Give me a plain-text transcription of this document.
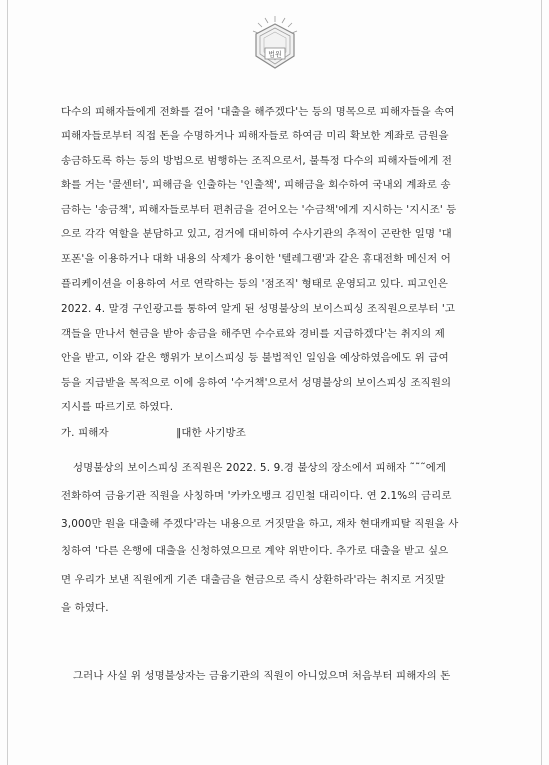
법원
다수의 피해자들에게 전화를 걸어 '대출을 해주겠다'는 등의 명목으로 피해자들을 속여
피해자들로부터 직접 돈을 수명하거나 피해자들로 하여금 미리 확보한 계좌로 금원을
송금하도록 하는 등의 방법으로 범행하는 조직으로서, 불특정 다수의 피해자들에게 전
화를 거는 '콜센터', 피해금을 인출하는 '인출책', 피해금을 회수하여 국내외 계좌로 송
금하는 '송금책', 피해자들로부터 편취금을 걷어오는 '수금책'에게 지시하는 '지시조' 등
으로 각각 역할을 분담하고 있고, 검거에 대비하여 수사기관의 추적이 곤란한 일명 '대
포폰'을 이용하거나 대화 내용의 삭제가 용이한 '텔레그램'과 같은 휴대전화 메신저 어
플리케이션을 이용하여 서로 연락하는 등의 '점조직' 형태로 운영되고 있다. 피고인은
2022. 4. 말경 구인광고를 통하여 알게 된 성명불상의 보이스피싱 조직원으로부터 '고
객들을 만나서 현금을 받아 송금을 해주면 수수료와 경비를 지급하겠다'는 취지의 제
안을 받고, 이와 같은 행위가 보이스피싱 등 불법적인 일임을 예상하였음에도 위 급여
등을 지급받을 목적으로 이에 응하여 '수거책'으로서 성명불상의 보이스피싱 조직원의
지시를 따르기로 하였다.
가. 피해자	∥대한 사기방조
성명불상의 보이스피싱 조직원은 2022. 5. 9.경 불상의 장소에서 피해자 ˜˜˜에게
전화하여 금융기관 직원을 사칭하며 '카카오뱅크 김민철 대리이다. 연 2.1%의 금리로
3,000만 원을 대출해 주겠다'라는 내용으로 거짓말을 하고, 재차 현대캐피탈 직원을 사
칭하여 '다른 은행에 대출을 신청하였으므로 계약 위반이다. 추가로 대출을 받고 싶으
면 우리가 보낸 직원에게 기존 대출금을 현금으로 즉시 상환하라'라는 취지로 거짓말
을 하였다.
그러나 사실 위 성명불상자는 금융기관의 직원이 아니었으며 처음부터 피해자의 돈
